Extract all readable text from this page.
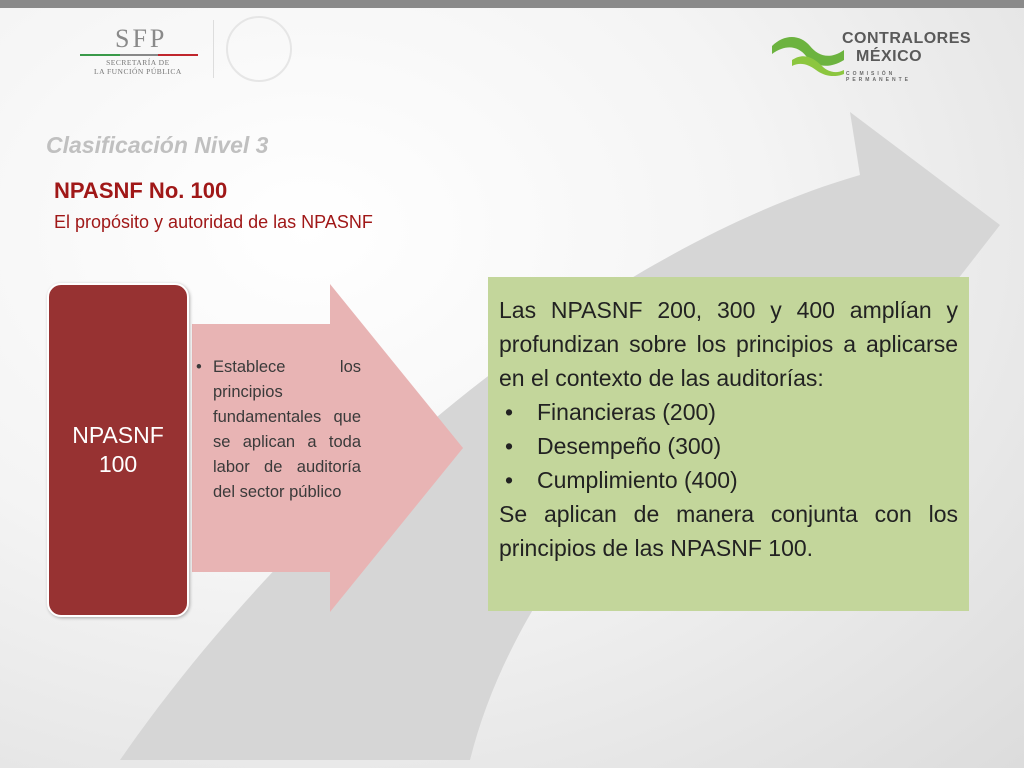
SFP
SECRETARÍA DE
LA FUNCIÓN PÚBLICA
CONTRALORES
MÉXICO
COMISIÓN PERMANENTE
Clasificación Nivel 3
NPASNF No. 100
El propósito y autoridad de las NPASNF
NPASNF
100
• Establece los principios fundamentales que se aplican a toda labor de auditoría del sector público
Las NPASNF 200, 300 y 400 amplían y profundizan sobre los principios a aplicarse en el contexto de las auditorías:
• Financieras (200)
• Desempeño (300)
• Cumplimiento (400)
Se aplican de manera conjunta con los principios de las NPASNF 100.
